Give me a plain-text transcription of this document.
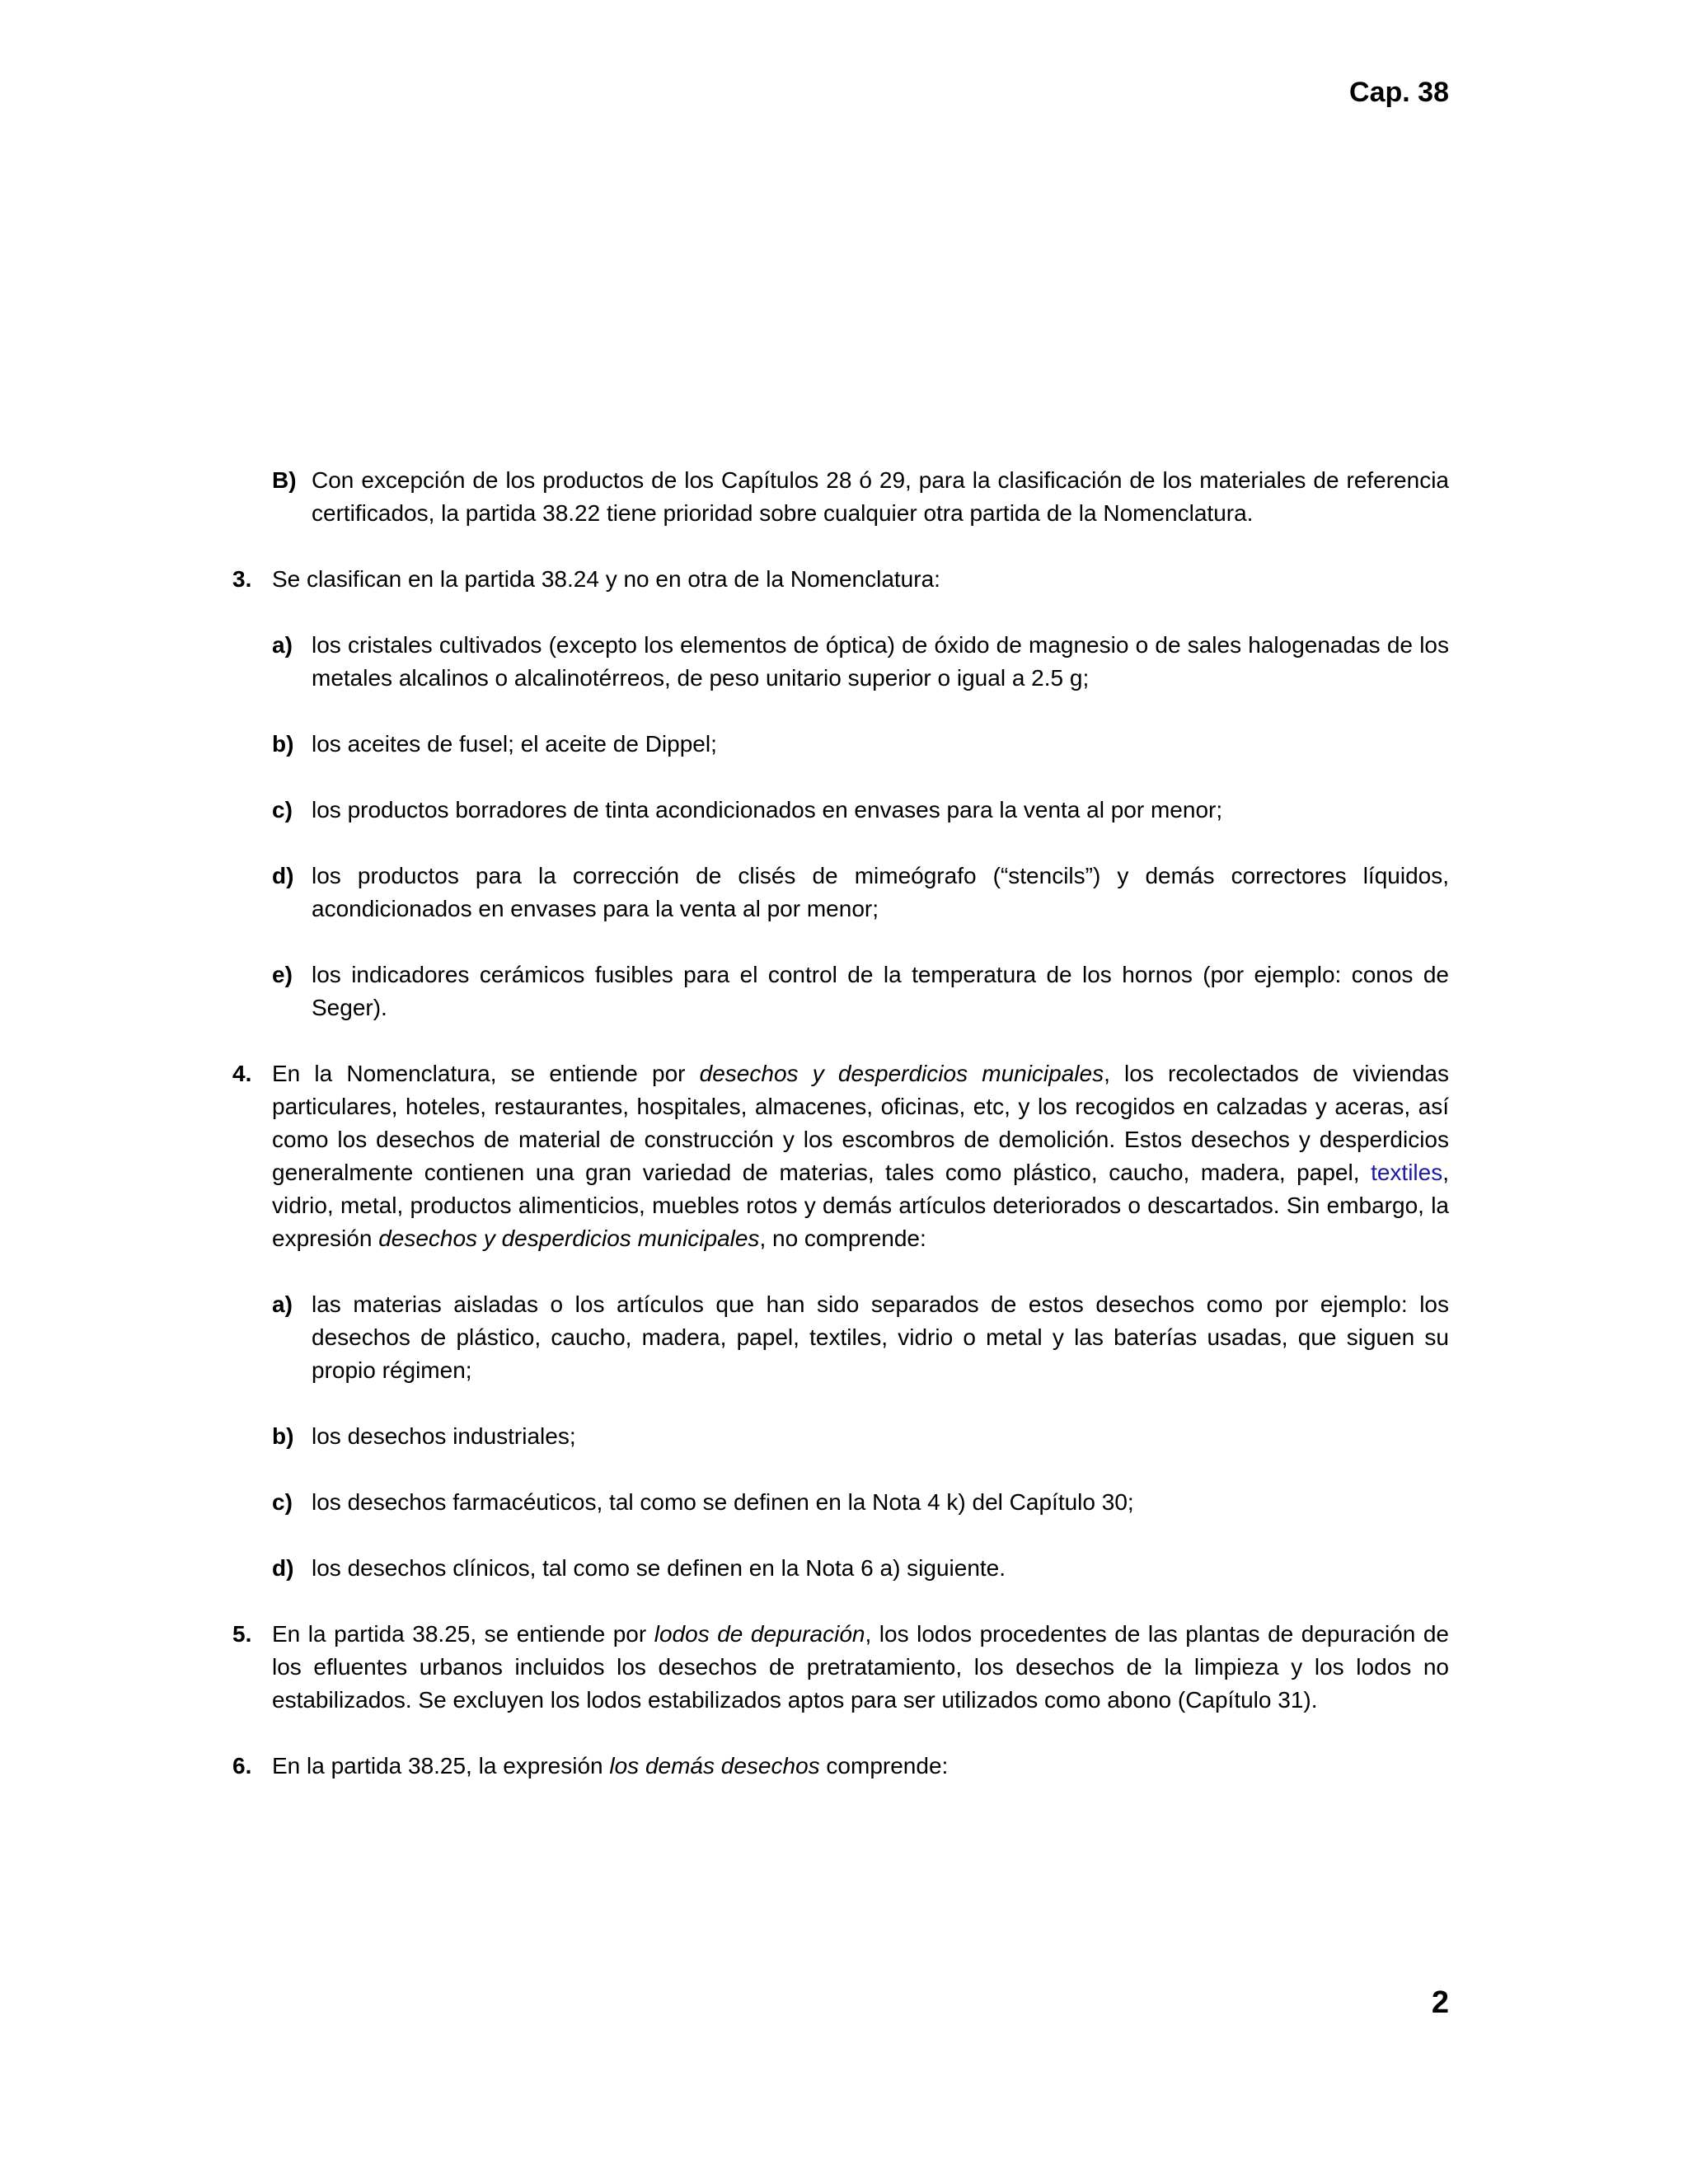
Cap. 38
B) Con excepción de los productos de los Capítulos 28 ó 29, para la clasificación de los materiales de referencia certificados, la partida 38.22 tiene prioridad sobre cualquier otra partida de la Nomenclatura.
3. Se clasifican en la partida 38.24 y no en otra de la Nomenclatura:
a) los cristales cultivados (excepto los elementos de óptica) de óxido de magnesio o de sales halogenadas de los metales alcalinos o alcalinotérreos, de peso unitario superior o igual a 2.5 g;
b) los aceites de fusel; el aceite de Dippel;
c) los productos borradores de tinta acondicionados en envases para la venta al por menor;
d) los productos para la corrección de clisés de mimeógrafo (“stencils”) y demás correctores líquidos, acondicionados en envases para la venta al por menor;
e) los indicadores cerámicos fusibles para el control de la temperatura de los hornos (por ejemplo: conos de Seger).
4. En la Nomenclatura, se entiende por desechos y desperdicios municipales, los recolectados de viviendas particulares, hoteles, restaurantes, hospitales, almacenes, oficinas, etc, y los recogidos en calzadas y aceras, así como los desechos de material de construcción y los escombros de demolición. Estos desechos y desperdicios generalmente contienen una gran variedad de materias, tales como plástico, caucho, madera, papel, textiles, vidrio, metal, productos alimenticios, muebles rotos y demás artículos deteriorados o descartados. Sin embargo, la expresión desechos y desperdicios municipales, no comprende:
a) las materias aisladas o los artículos que han sido separados de estos desechos como por ejemplo: los desechos de plástico, caucho, madera, papel, textiles, vidrio o metal y las baterías usadas, que siguen su propio régimen;
b) los desechos industriales;
c) los desechos farmacéuticos, tal como se definen en la Nota 4 k) del Capítulo 30;
d) los desechos clínicos, tal como se definen en la Nota 6 a) siguiente.
5. En la partida 38.25, se entiende por lodos de depuración, los lodos procedentes de las plantas de depuración de los efluentes urbanos incluidos los desechos de pretratamiento, los desechos de la limpieza y los lodos no estabilizados. Se excluyen los lodos estabilizados aptos para ser utilizados como abono (Capítulo 31).
6. En la partida 38.25, la expresión los demás desechos comprende:
2
